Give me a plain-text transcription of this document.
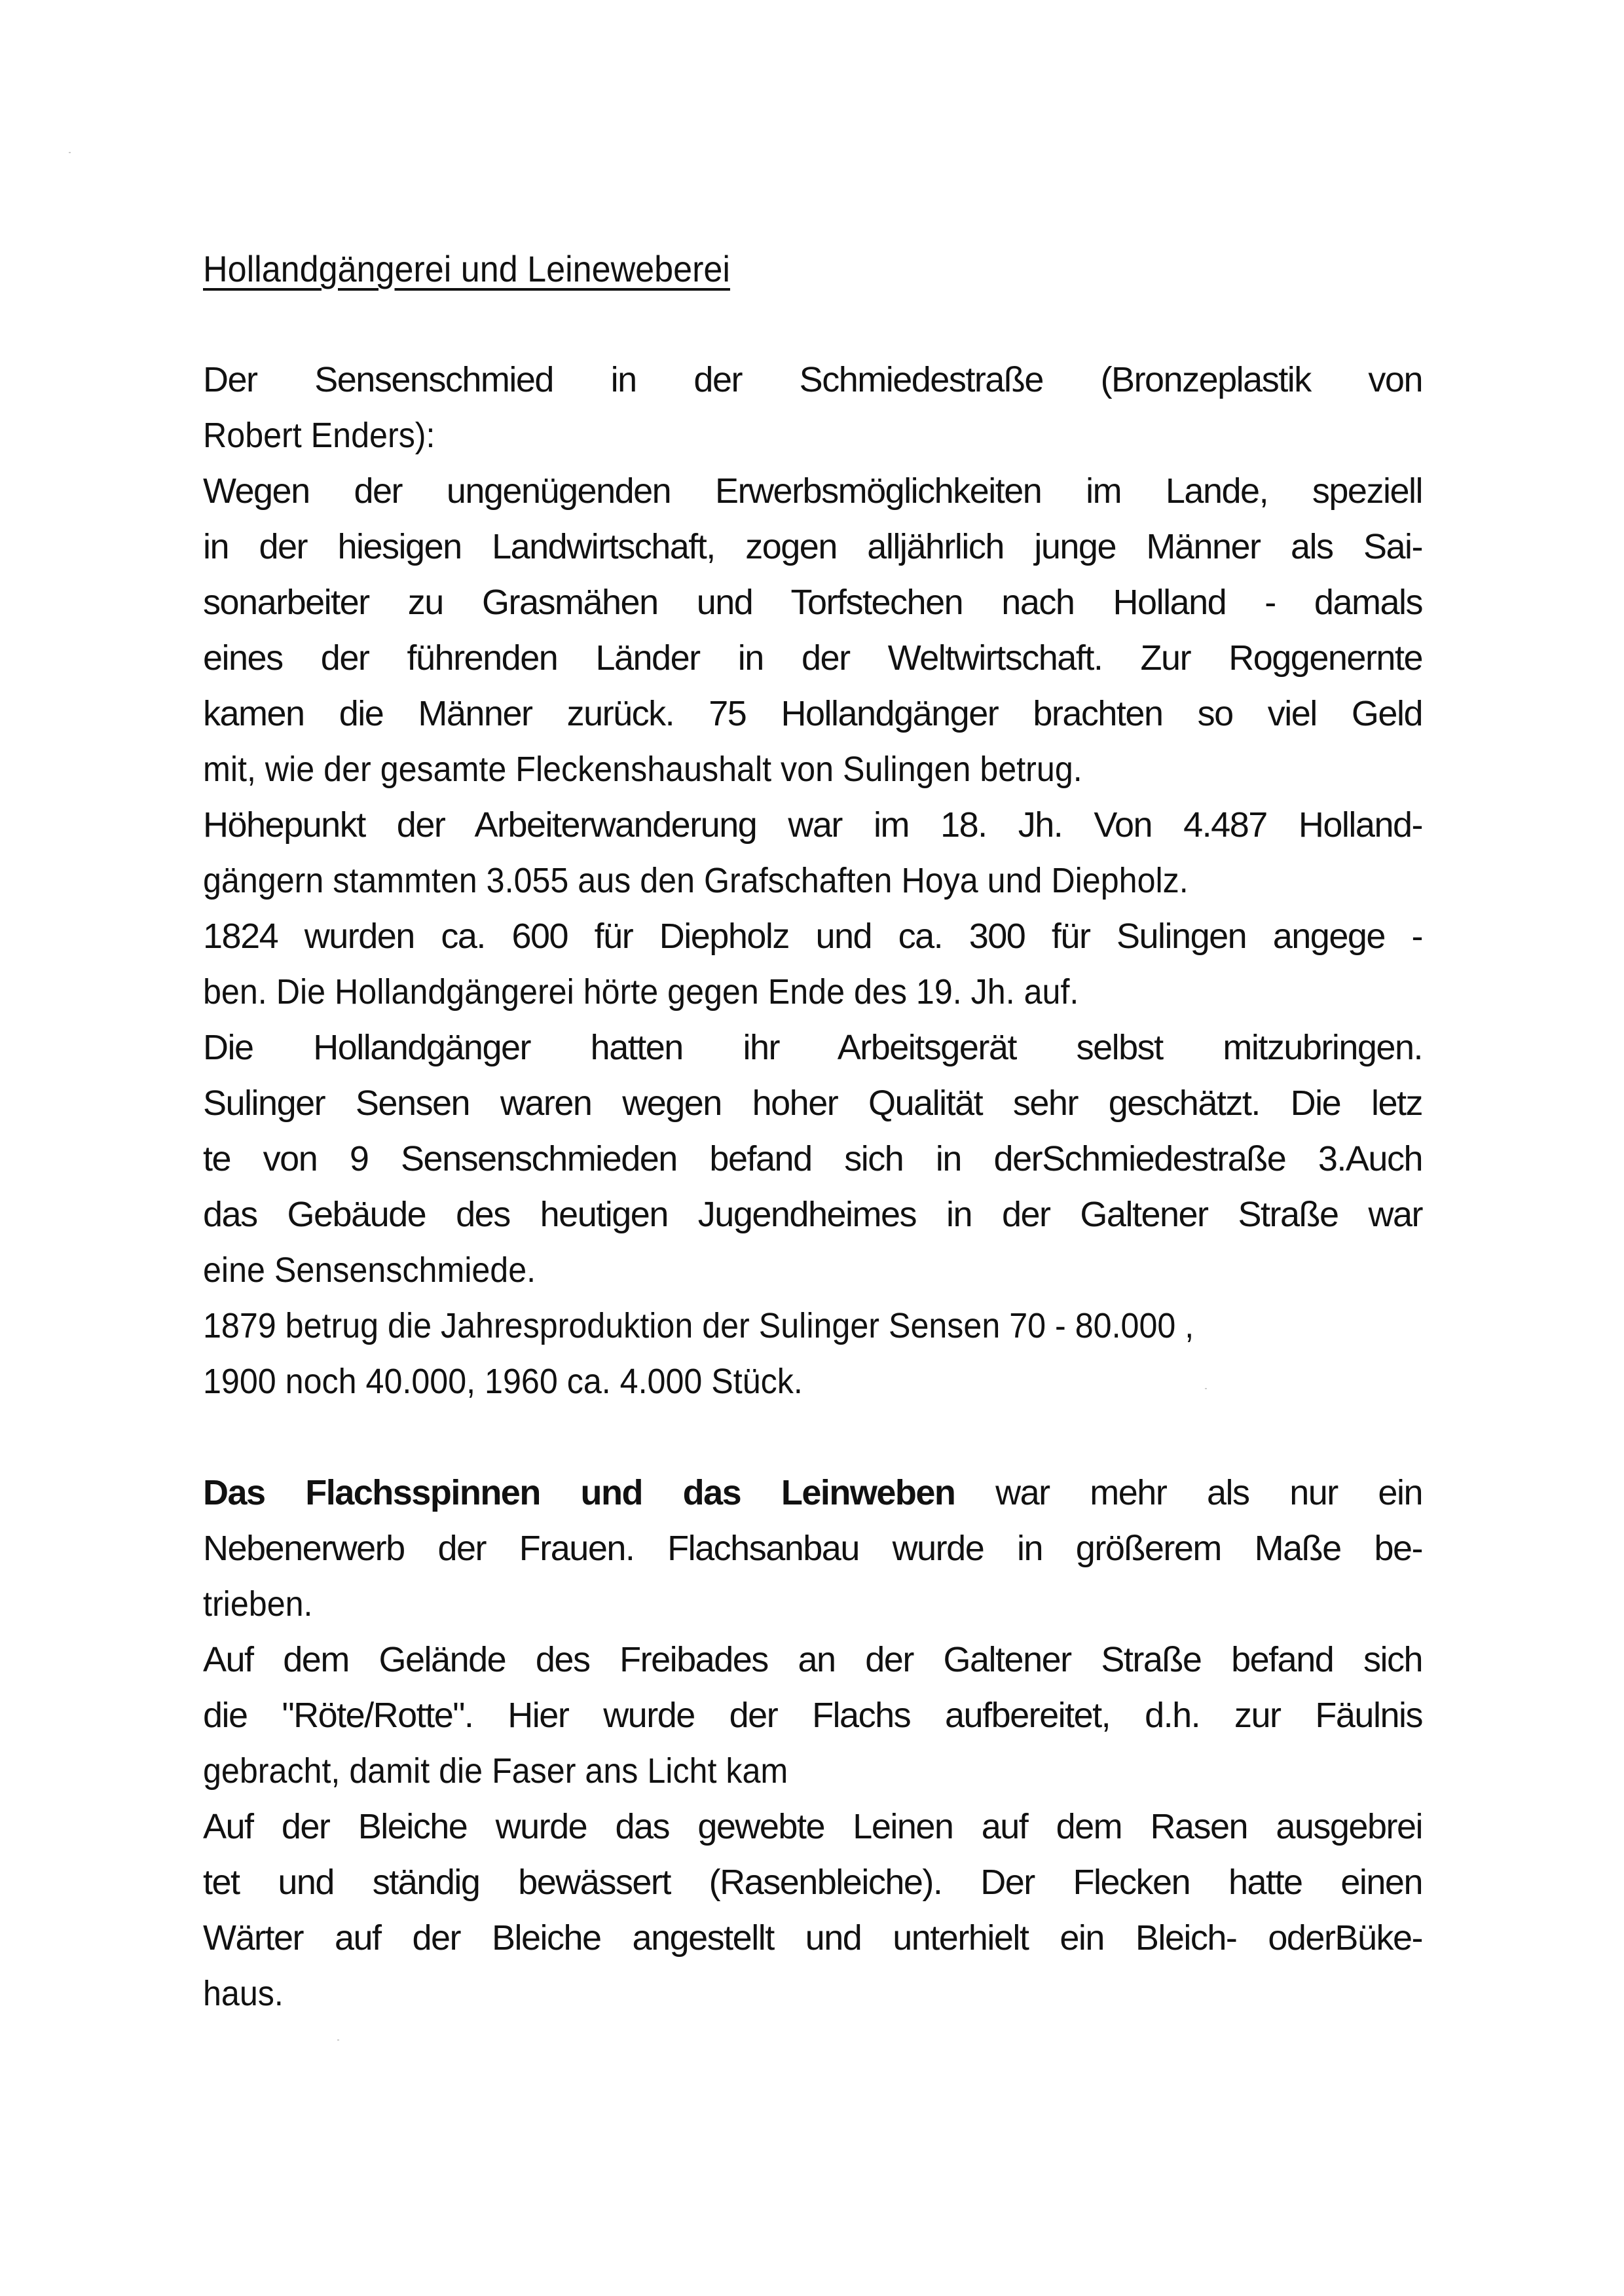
Hollandgängerei und Leineweberei
Der Sensenschmied in der Schmiedestraße (Bronzeplastik von
Robert Enders):
Wegen der ungenügenden Erwerbsmöglichkeiten im Lande, speziell
in der hiesigen Landwirtschaft, zogen alljährlich junge Männer als Sai-
sonarbeiter zu Grasmähen und Torfstechen nach Holland - damals
eines der führenden Länder in der Weltwirtschaft. Zur Roggenernte
kamen die Männer zurück. 75 Hollandgänger brachten so viel Geld
mit, wie der gesamte Fleckenshaushalt von Sulingen betrug.
Höhepunkt der Arbeiterwanderung war im 18. Jh. Von 4.487 Holland-
gängern stammten 3.055 aus den Grafschaften Hoya und Diepholz.
1824 wurden ca. 600 für Diepholz und ca. 300 für Sulingen angege -
ben. Die Hollandgängerei hörte gegen Ende des 19. Jh. auf.
Die Hollandgänger hatten ihr Arbeitsgerät selbst mitzubringen.
Sulinger Sensen waren wegen hoher Qualität sehr geschätzt. Die letz
te von 9 Sensenschmieden befand sich in derSchmiedestraße 3.Auch
das Gebäude des heutigen Jugendheimes in der Galtener Straße war
eine Sensenschmiede.
1879 betrug die Jahresproduktion der Sulinger Sensen 70 - 80.000 ,
1900 noch 40.000, 1960 ca. 4.000 Stück.
Das Flachsspinnen und das Leinweben war mehr als nur ein
Nebenerwerb der Frauen. Flachsanbau wurde in größerem Maße be-
trieben.
Auf dem Gelände des Freibades an der Galtener Straße befand sich
die "Röte/Rotte". Hier wurde der Flachs aufbereitet, d.h. zur Fäulnis
gebracht, damit die Faser ans Licht kam
Auf der Bleiche wurde das gewebte Leinen auf dem Rasen ausgebrei
tet und ständig bewässert (Rasenbleiche). Der Flecken hatte einen
Wärter auf der Bleiche angestellt und unterhielt ein Bleich- oderBüke-
haus.
